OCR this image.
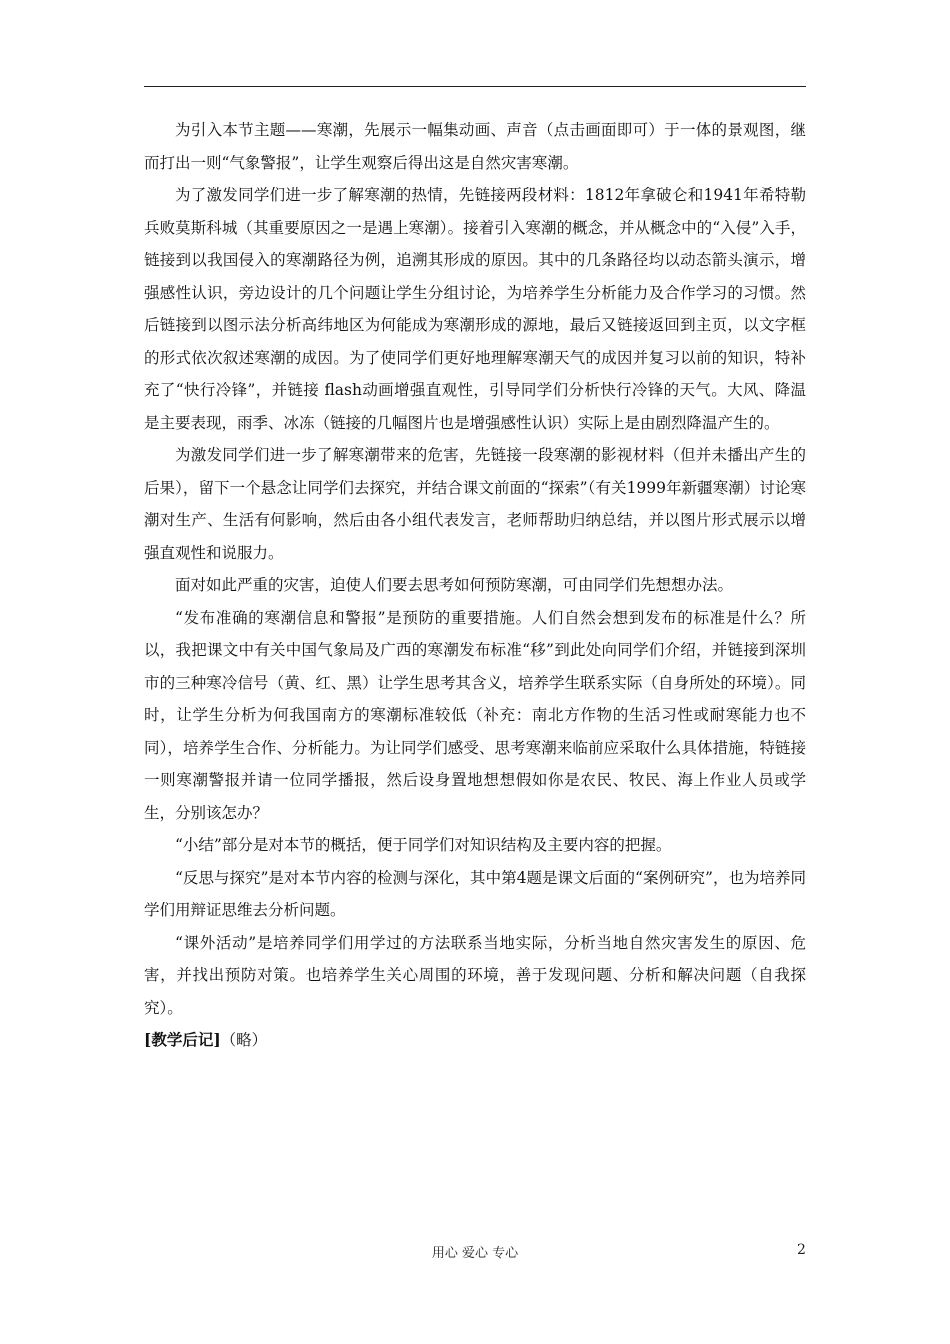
为引入本节主题——寒潮，先展示一幅集动画、声音（点击画面即可）于一体的景观图，继而打出一则“气象警报”，让学生观察后得出这是自然灾害寒潮。

为了激发同学们进一步了解寒潮的热情，先链接两段材料：1812年拿破仑和1941年希特勒兵败莫斯科城（其重要原因之一是遇上寒潮）。接着引入寒潮的概念，并从概念中的“入侵”入手，链接到以我国侵入的寒潮路径为例，追溯其形成的原因。其中的几条路径均以动态箭头演示，增强感性认识，旁边设计的几个问题让学生分组讨论，为培养学生分析能力及合作学习的习惯。然后链接到以图示法分析高纬地区为何能成为寒潮形成的源地，最后又链接返回到主页，以文字框的形式依次叙述寒潮的成因。为了使同学们更好地理解寒潮天气的成因并复习以前的知识，特补充了“快行冷锋”，并链接 flash动画增强直观性，引导同学们分析快行冷锋的天气。大风、降温是主要表现，雨季、冰冻（链接的几幅图片也是增强感性认识）实际上是由剧烈降温产生的。

为激发同学们进一步了解寒潮带来的危害，先链接一段寒潮的影视材料（但并未播出产生的后果），留下一个悬念让同学们去探究，并结合课文前面的“探索”（有关1999年新疆寒潮）讨论寒潮对生产、生活有何影响，然后由各小组代表发言，老师帮助归纳总结，并以图片形式展示以增强直观性和说服力。

面对如此严重的灾害，迫使人们要去思考如何预防寒潮，可由同学们先想想办法。

“发布准确的寒潮信息和警报”是预防的重要措施。人们自然会想到发布的标准是什么？所以，我把课文中有关中国气象局及广西的寒潮发布标准“移”到此处向同学们介绍，并链接到深圳市的三种寒冷信号（黄、红、黑）让学生思考其含义，培养学生联系实际（自身所处的环境）。同时，让学生分析为何我国南方的寒潮标准较低（补充：南北方作物的生活习性或耐寒能力也不同），培养学生合作、分析能力。为让同学们感受、思考寒潮来临前应采取什么具体措施，特链接一则寒潮警报并请一位同学播报，然后设身置地想想假如你是农民、牧民、海上作业人员或学生，分别该怎办？

“小结”部分是对本节的概括，便于同学们对知识结构及主要内容的把握。

“反思与探究”是对本节内容的检测与深化，其中第4题是课文后面的“案例研究”，也为培养同学们用辩证思维去分析问题。

“课外活动”是培养同学们用学过的方法联系当地实际，分析当地自然灾害发生的原因、危害，并找出预防对策。也培养学生关心周围的环境，善于发现问题、分析和解决问题（自我探究）。

[教学后记]（略）
用心 爱心 专心	2
